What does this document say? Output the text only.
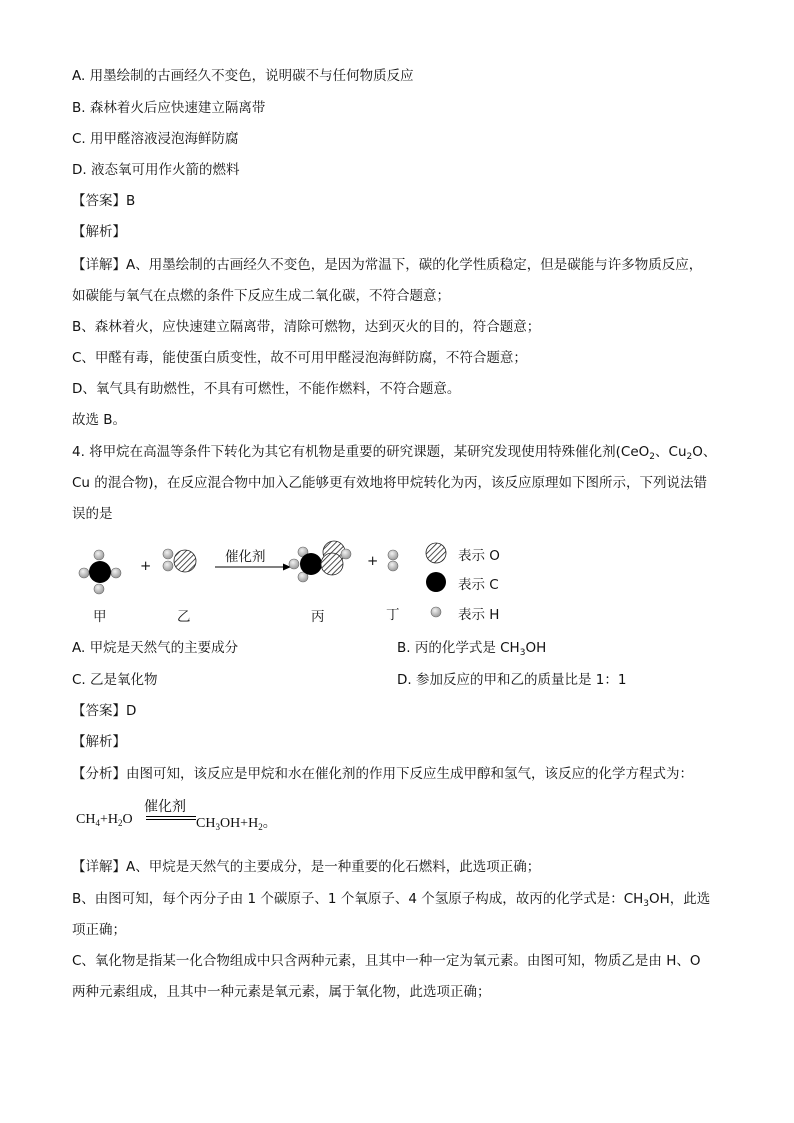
A. 用墨绘制的古画经久不变色，说明碳不与任何物质反应
B. 森林着火后应快速建立隔离带
C. 用甲醛溶液浸泡海鲜防腐
D. 液态氧可用作火箭的燃料
【答案】B
【解析】
【详解】A、用墨绘制的古画经久不变色，是因为常温下，碳的化学性质稳定，但是碳能与许多物质反应，
如碳能与氧气在点燃的条件下反应生成二氧化碳，不符合题意；
B、森林着火，应快速建立隔离带，清除可燃物，达到灭火的目的，符合题意；
C、甲醛有毒，能使蛋白质变性，故不可用甲醛浸泡海鲜防腐，不符合题意；
D、氧气具有助燃性，不具有可燃性，不能作燃料，不符合题意。
故选 B。
4. 将甲烷在高温等条件下转化为其它有机物是重要的研究课题，某研究发现使用特殊催化剂(CeO$_2$、$Cu_2O$、
Cu 的混合物)，在反应混合物中加入乙能够更有效地将甲烷转化为丙，该反应原理如下图所示，下列说法错
误的是
催化剂
+	+
甲	乙	丙	丁
表示 O
表示 C
表示 H
A. 甲烷是天然气的主要成分	B. 丙的化学式是 $CH_3OH$
C. 乙是氧化物	D. 参加反应的甲和乙的质量比是 1：1
【答案】D
【解析】
【分析】由图可知，该反应是甲烷和水在催化剂的作用下反应生成甲醇和氢气，该反应的化学方程式为：
催化剂
$CH_4+H_2O$	$CH_3OH+H_2$。
【详解】A、甲烷是天然气的主要成分，是一种重要的化石燃料，此选项正确；
B、由图可知，每个丙分子由 1 个碳原子、1 个氧原子、4 个氢原子构成，故丙的化学式是：$CH_3OH$，此选
项正确；
C、氧化物是指某一化合物组成中只含两种元素，且其中一种一定为氧元素。由图可知，物质乙是由 H、O
两种元素组成，且其中一种元素是氧元素，属于氧化物，此选项正确；
